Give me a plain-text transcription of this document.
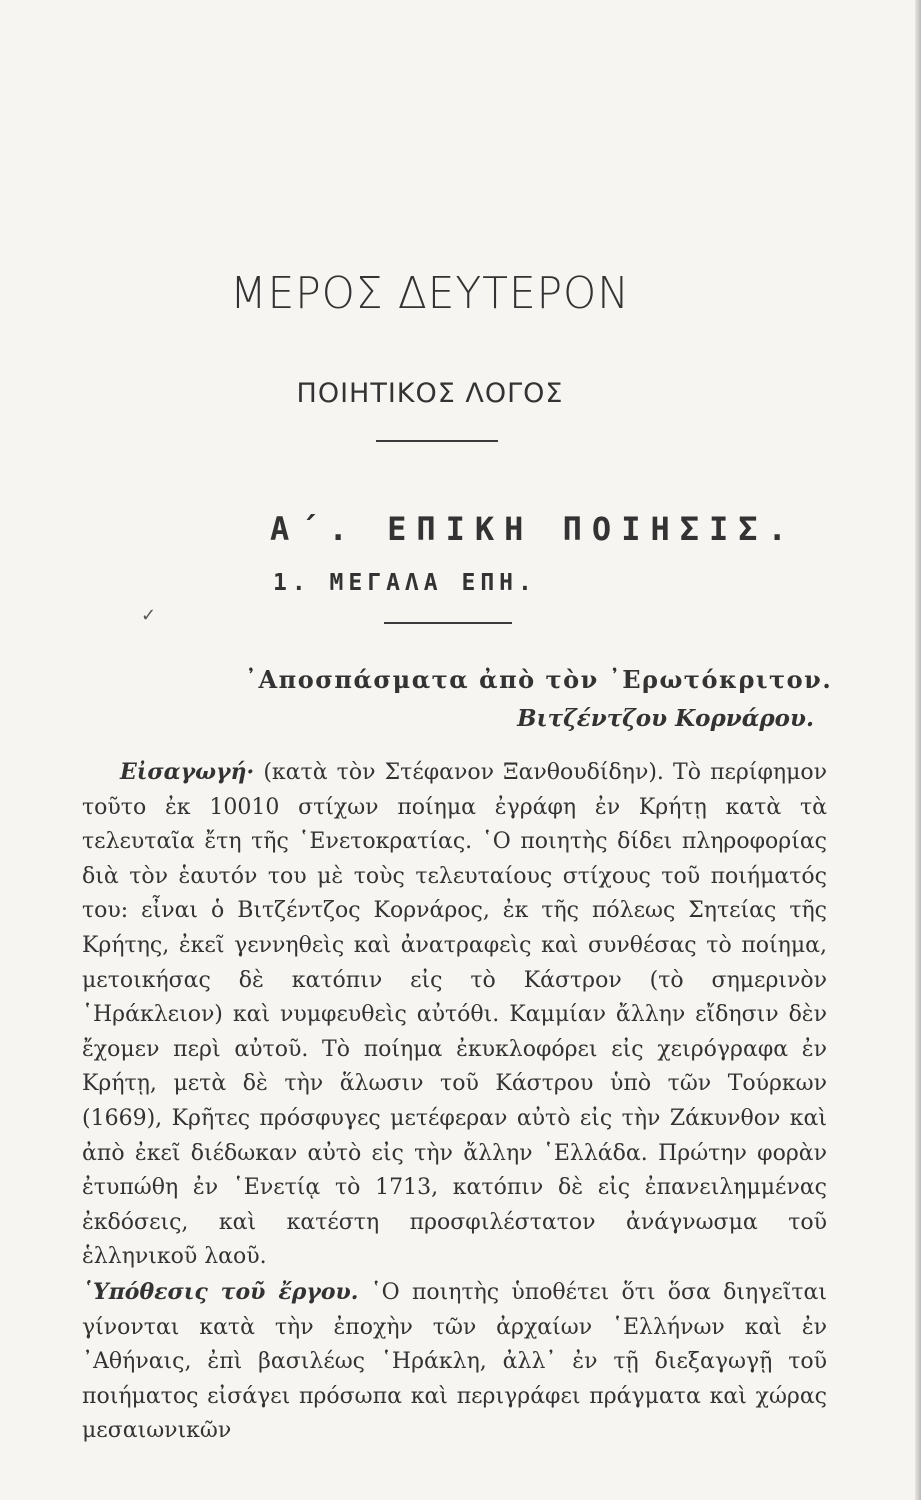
ΜΕΡΟΣ ΔΕΥΤΕΡΟΝ
ΠΟΙΗΤΙΚΟΣ ΛΟΓΟΣ
Α΄. ΕΠΙΚΗ ΠΟΙΗΣΙΣ.
1. ΜΕΓΑΛΑ ΕΠΗ.
✓
᾿Αποσπάσματα ἀπὸ τὸν ᾿Ερωτόκριτον.
Βιτζέντζου Κορνάρου.

Εἰσαγωγή· (κατὰ τὸν Στέφανον Ξανθουδίδην). Τὸ περίφημον τοῦτο ἐκ 10010 στίχων ποίημα ἐγράφη ἐν Κρήτῃ κατὰ τὰ τελευταῖα ἔτη τῆς ῾Ενετοκρατίας. ῾Ο ποιητὴς δίδει πληροφορίας διὰ τὸν ἑαυτόν του μὲ τοὺς τελευταίους στίχους τοῦ ποιήματός του: εἶναι ὁ Βιτζέντζος Κορνάρος, ἐκ τῆς πόλεως Σητείας τῆς Κρήτης, ἐκεῖ γεννηθεὶς καὶ ἀνατραφεὶς καὶ συνθέσας τὸ ποίημα, μετοικήσας δὲ κατόπιν εἰς τὸ Κάστρον (τὸ σημερινὸν ῾Ηράκλειον) καὶ νυμφευθεὶς αὐτόθι. Καμμίαν ἄλλην εἴδησιν δὲν ἔχομεν περὶ αὐτοῦ. Τὸ ποίημα ἐκυκλοφόρει εἰς χειρόγραφα ἐν Κρήτῃ, μετὰ δὲ τὴν ἅλωσιν τοῦ Κάστρου ὑπὸ τῶν Τούρκων (1669), Κρῆτες πρόσφυγες μετέφεραν αὐτὸ εἰς τὴν Ζάκυνθον καὶ ἀπὸ ἐκεῖ διέδωκαν αὐτὸ εἰς τὴν ἄλλην ῾Ελλάδα. Πρώτην φορὰν ἐτυπώθη ἐν ῾Ενετίᾳ τὸ 1713, κατόπιν δὲ εἰς ἐπανειλημμένας ἐκδόσεις, καὶ κατέστη προσφιλέστατον ἀνάγνωσμα τοῦ ἑλληνικοῦ λαοῦ.

῾Υπόθεσις τοῦ ἔργου. ῾Ο ποιητὴς ὑποθέτει ὅτι ὅσα διηγεῖται γίνονται κατὰ τὴν ἐποχὴν τῶν ἀρχαίων ῾Ελλήνων καὶ ἐν ᾿Αθήναις, ἐπὶ βασιλέως ῾Ηράκλη, ἀλλ᾿ ἐν τῇ διεξαγωγῇ τοῦ ποιήματος εἰσάγει πρόσωπα καὶ περιγράφει πράγματα καὶ χώρας μεσαιωνικῶν
